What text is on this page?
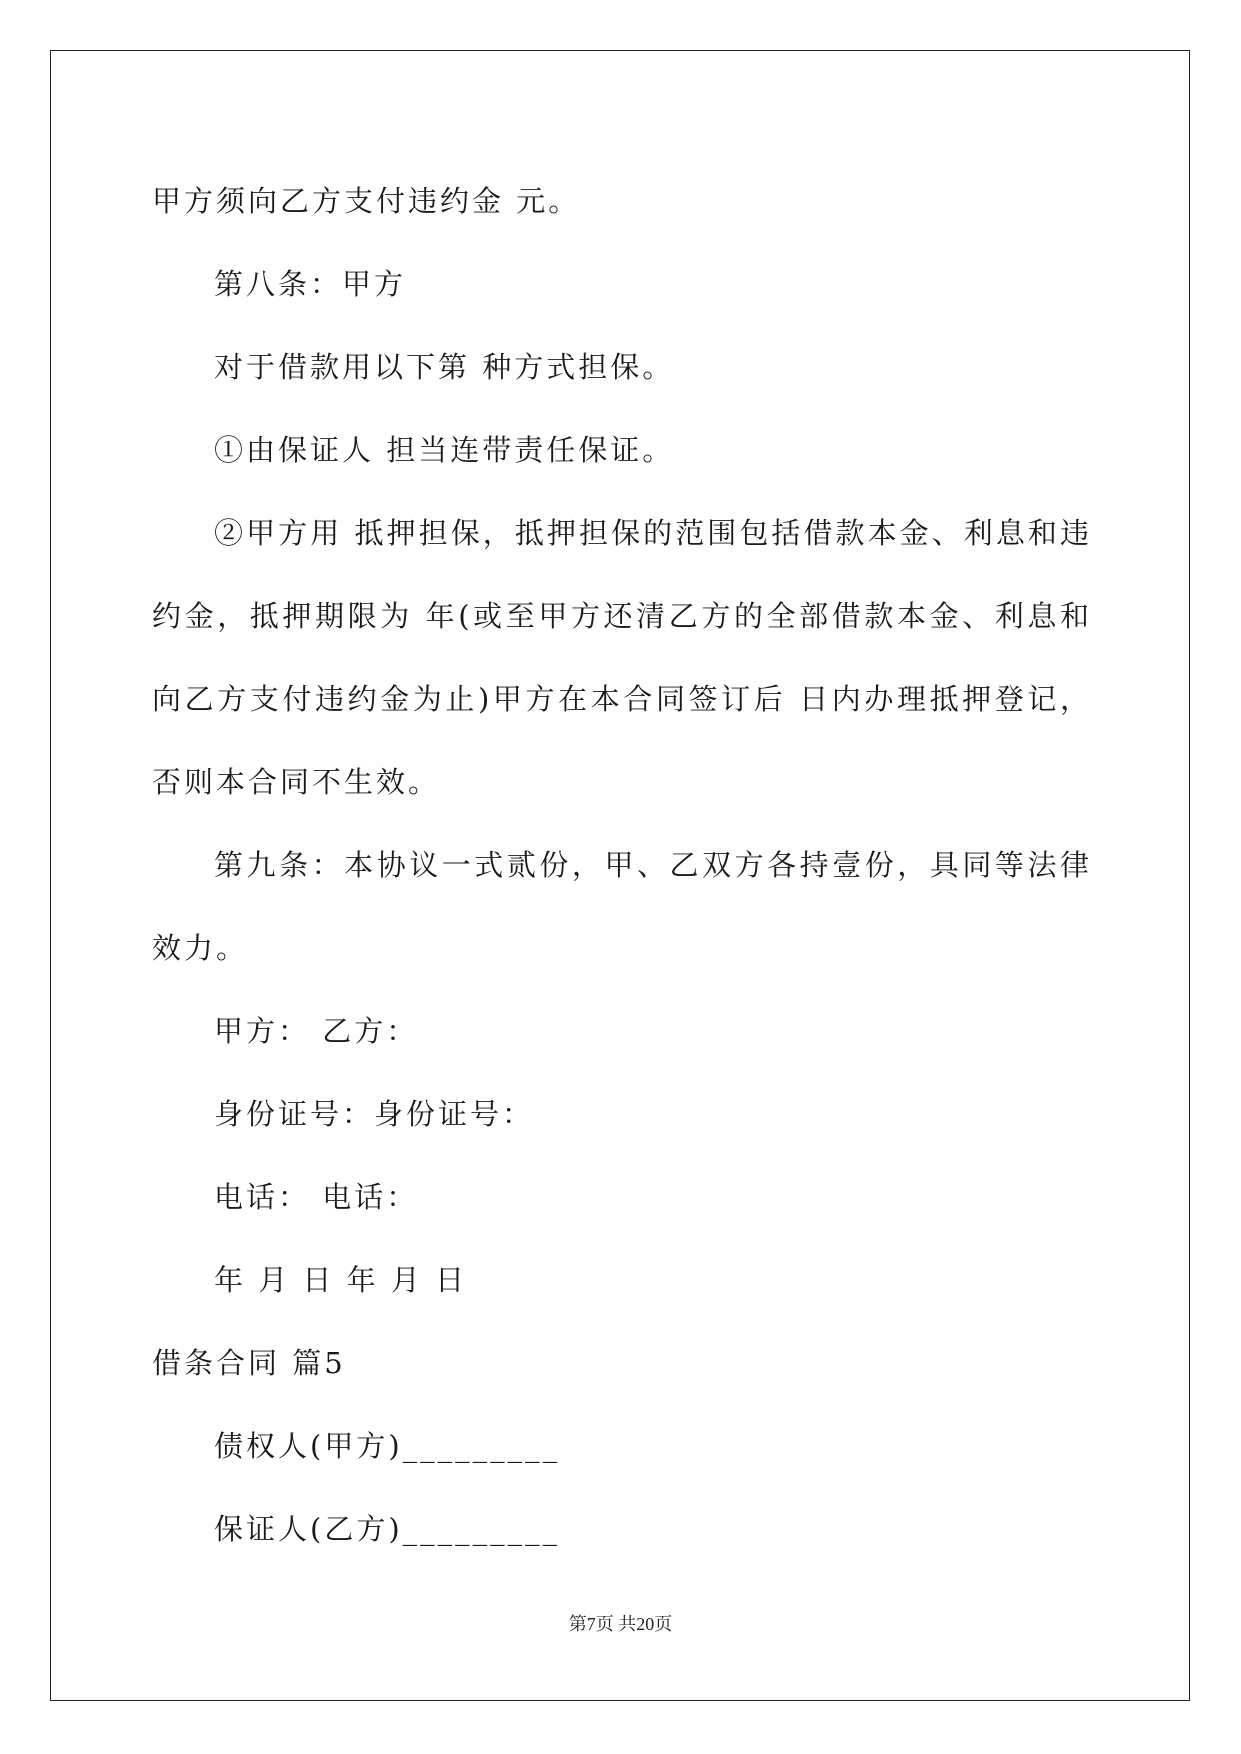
甲方须向乙方支付违约金 元。

第八条：甲方

对于借款用以下第 种方式担保。

①由保证人 担当连带责任保证。

②甲方用 抵押担保，抵押担保的范围包括借款本金、利息和违约金，抵押期限为 年(或至甲方还清乙方的全部借款本金、利息和向乙方支付违约金为止)甲方在本合同签订后 日内办理抵押登记，否则本合同不生效。

第九条：本协议一式贰份，甲、乙双方各持壹份，具同等法律效力。

甲方： 乙方：

身份证号：身份证号：

电话： 电话：

年 月 日 年 月 日

借条合同 篇5

债权人(甲方)_________

保证人(乙方)_________

第7页 共20页
